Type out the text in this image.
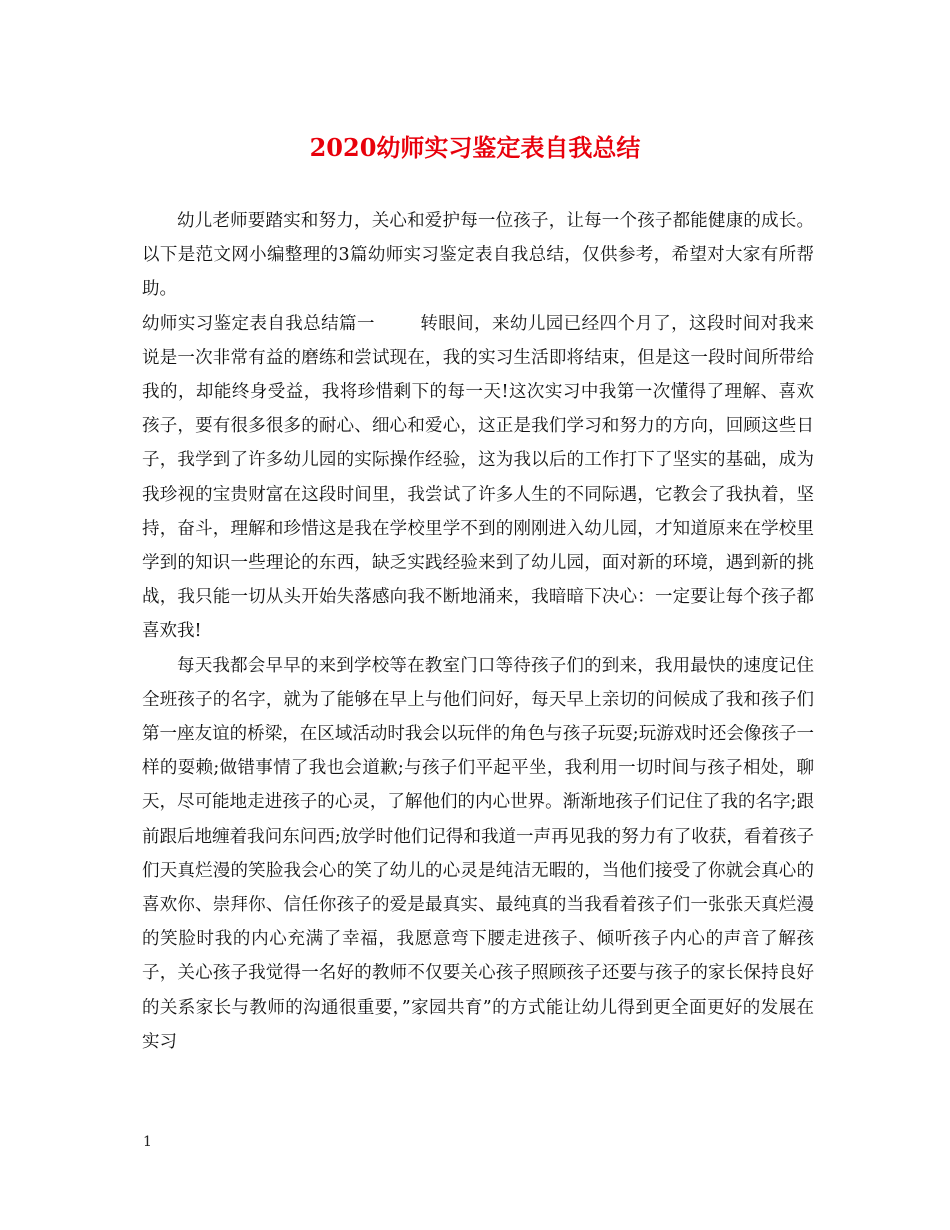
2020幼师实习鉴定表自我总结

幼儿老师要踏实和努力，关心和爱护每一位孩子，让每一个孩子都能健康的成长。以下是范文网小编整理的3篇幼师实习鉴定表自我总结，仅供参考，希望对大家有所帮助。

幼师实习鉴定表自我总结篇一	转眼间，来幼儿园已经四个月了，这段时间对我来说是一次非常有益的磨练和尝试现在，我的实习生活即将结束，但是这一段时间所带给我的，却能终身受益，我将珍惜剩下的每一天!这次实习中我第一次懂得了理解、喜欢孩子，要有很多很多的耐心、细心和爱心，这正是我们学习和努力的方向，回顾这些日子，我学到了许多幼儿园的实际操作经验，这为我以后的工作打下了坚实的基础，成为我珍视的宝贵财富在这段时间里，我尝试了许多人生的不同际遇，它教会了我执着，坚持，奋斗，理解和珍惜这是我在学校里学不到的刚刚进入幼儿园，才知道原来在学校里学到的知识一些理论的东西，缺乏实践经验来到了幼儿园，面对新的环境，遇到新的挑战，我只能一切从头开始失落感向我不断地涌来，我暗暗下决心：一定要让每个孩子都喜欢我!

每天我都会早早的来到学校等在教室门口等待孩子们的到来，我用最快的速度记住全班孩子的名字，就为了能够在早上与他们问好，每天早上亲切的问候成了我和孩子们第一座友谊的桥梁，在区域活动时我会以玩伴的角色与孩子玩耍;玩游戏时还会像孩子一样的耍赖;做错事情了我也会道歉;与孩子们平起平坐，我利用一切时间与孩子相处，聊天，尽可能地走进孩子的心灵，了解他们的内心世界。渐渐地孩子们记住了我的名字;跟前跟后地缠着我问东问西;放学时他们记得和我道一声再见我的努力有了收获，看着孩子们天真烂漫的笑脸我会心的笑了幼儿的心灵是纯洁无暇的，当他们接受了你就会真心的喜欢你、崇拜你、信任你孩子的爱是最真实、最纯真的当我看着孩子们一张张天真烂漫的笑脸时我的内心充满了幸福，我愿意弯下腰走进孩子、倾听孩子内心的声音了解孩子，关心孩子我觉得一名好的教师不仅要关心孩子照顾孩子还要与孩子的家长保持良好的关系家长与教师的沟通很重要，”家园共育”的方式能让幼儿得到更全面更好的发展在实习

1
